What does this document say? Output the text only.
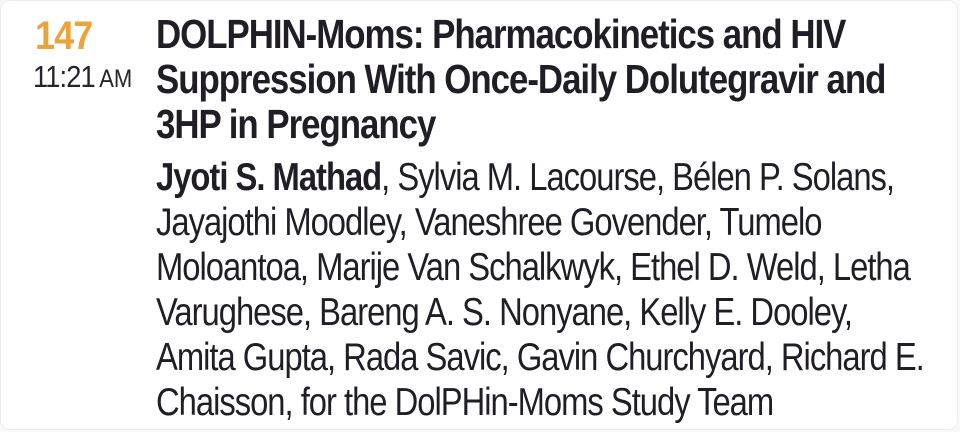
147
11:21 AM
DOLPHIN-Moms: Pharmacokinetics and HIV
Suppression With Once-Daily Dolutegravir and
3HP in Pregnancy
Jyoti S. Mathad, Sylvia M. Lacourse, Bélen P. Solans,
Jayajothi Moodley, Vaneshree Govender, Tumelo
Moloantoa, Marije Van Schalkwyk, Ethel D. Weld, Letha
Varughese, Bareng A. S. Nonyane, Kelly E. Dooley,
Amita Gupta, Rada Savic, Gavin Churchyard, Richard E.
Chaisson, for the DolPHin-Moms Study Team
